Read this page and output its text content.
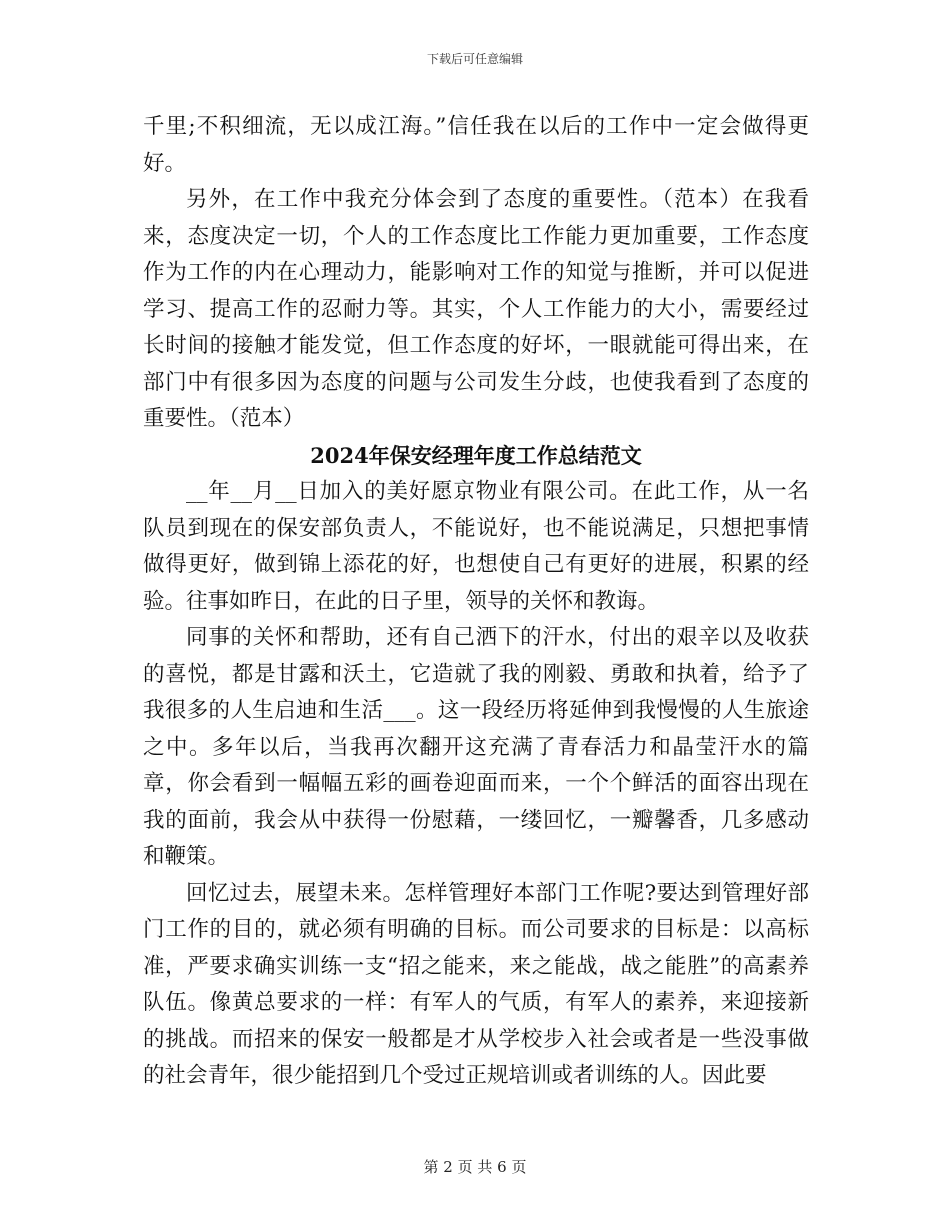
下载后可任意编辑

千里;不积细流，无以成江海。”信任我在以后的工作中一定会做得更好。

另外，在工作中我充分体会到了态度的重要性。（范本）在我看来，态度决定一切，个人的工作态度比工作能力更加重要，工作态度作为工作的内在心理动力，能影响对工作的知觉与推断，并可以促进学习、提高工作的忍耐力等。其实，个人工作能力的大小，需要经过长时间的接触才能发觉，但工作态度的好坏，一眼就能可得出来，在部门中有很多因为态度的问题与公司发生分歧，也使我看到了态度的重要性。（范本）

2024年保安经理年度工作总结范文

__年__月__日加入的美好愿京物业有限公司。在此工作，从一名队员到现在的保安部负责人，不能说好，也不能说满足，只想把事情做得更好，做到锦上添花的好，也想使自己有更好的进展，积累的经验。往事如昨日，在此的日子里，领导的关怀和教诲。

同事的关怀和帮助，还有自己洒下的汗水，付出的艰辛以及收获的喜悦，都是甘露和沃土，它造就了我的刚毅、勇敢和执着，给予了我很多的人生启迪和生活___。这一段经历将延伸到我慢慢的人生旅途之中。多年以后，当我再次翻开这充满了青春活力和晶莹汗水的篇章，你会看到一幅幅五彩的画卷迎面而来，一个个鲜活的面容出现在我的面前，我会从中获得一份慰藉，一缕回忆，一瓣馨香，几多感动和鞭策。

回忆过去，展望未来。怎样管理好本部门工作呢?要达到管理好部门工作的目的，就必须有明确的目标。而公司要求的目标是：以高标准，严要求确实训练一支“招之能来，来之能战，战之能胜”的高素养队伍。像黄总要求的一样：有军人的气质，有军人的素养，来迎接新的挑战。而招来的保安一般都是才从学校步入社会或者是一些没事做的社会青年，很少能招到几个受过正规培训或者训练的人。因此要

第 2 页 共 6 页
